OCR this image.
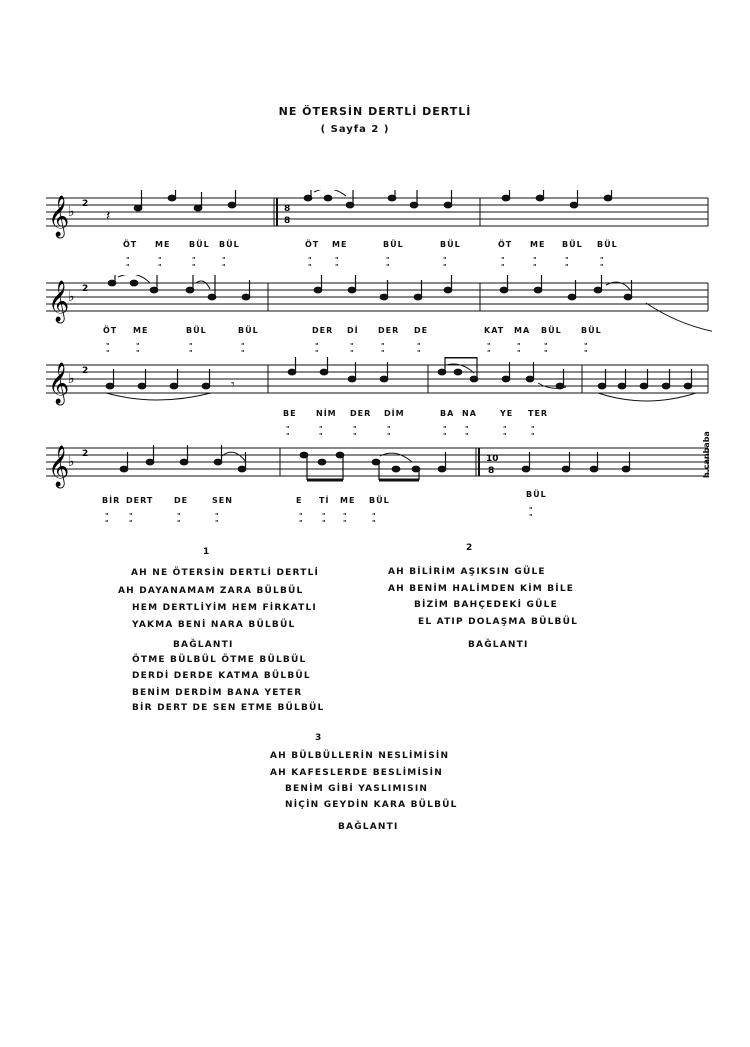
NE ÖTERSİN DERTLİ DERTLİ
( Sayfa 2 )
𝄞
♭ 2	8
8
𝄽
ÖT ME BÜL BÜL	ÖT ME	BÜL	BÜL	ÖT ME BÜL BÜL
𝄞
♭ 2
ÖT ME	BÜL	BÜL	DER Dİ DER DE	KAT MA BÜL BÜL
𝄞
♭ 2
𝄾
BE NİM DER DİM	BA NA	YE TER
𝄞
♭ 2	10
8
BİR DERT	DE	SEN	E Tİ ME BÜL
BÜL
"
"
"
"
"
"
"
"
"
"
"
"
"
"
"
"
"
"
"
"
"
"
"
"
"
"
"
"
"
"
"
"
"
"
"
"
"
"
"
"
"
"
"
"
"
"
"
"
"
"
"
"
"
"
"
"
"
"
"
"
"
"
"
"
"
"
"
"
"
"
"
"
"
"
"
"
"
"
"
"
"
"
h.canbaba
1
AH NE ÖTERSİN DERTLİ DERTLİ
AH DAYANAMAM ZARA BÜLBÜL
HEM DERTLİYİM HEM FİRKATLI
YAKMA BENİ NARA BÜLBÜL
BAĞLANTI
ÖTME BÜLBÜL ÖTME BÜLBÜL
DERDİ DERDE KATMA BÜLBÜL
BENİM DERDİM BANA YETER
BİR DERT DE SEN ETME BÜLBÜL
2
AH BİLİRİM AŞIKSIN GÜLE
AH BENİM HALİMDEN KİM BİLE
BİZİM BAHÇEDEKİ GÜLE
EL ATIP DOLAŞMA BÜLBÜL
BAĞLANTI
3
AH BÜLBÜLLERİN NESLİMİSİN
AH KAFESLERDE BESLİMİSİN
BENİM GİBİ YASLIMISIN
NİÇİN GEYDİN KARA BÜLBÜL
BAĞLANTI
